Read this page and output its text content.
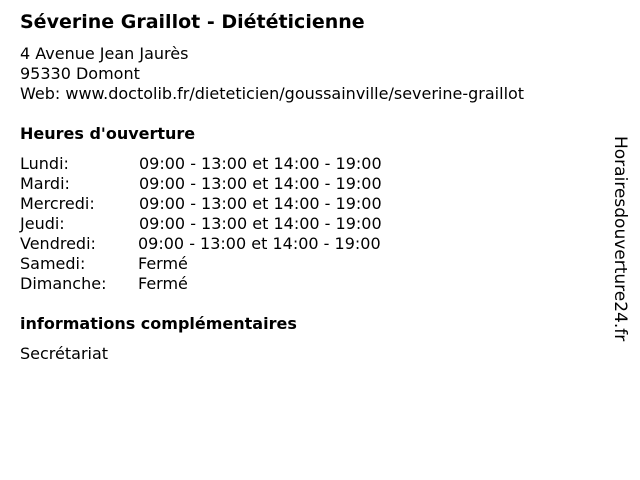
Séverine Graillot - Diététicienne
4 Avenue Jean Jaurès
95330 Domont
Web: www.doctolib.fr/dieteticien/goussainville/severine-graillot
Heures d'ouverture
Lundi:	09:00 - 13:00 et 14:00 - 19:00
Mardi:	09:00 - 13:00 et 14:00 - 19:00
Mercredi:	09:00 - 13:00 et 14:00 - 19:00
Jeudi:	09:00 - 13:00 et 14:00 - 19:00
Vendredi:	09:00 - 13:00 et 14:00 - 19:00
Samedi:	Fermé
Dimanche: Fermé
informations complémentaires
Secrétariat
Horairesdouverture24.fr
